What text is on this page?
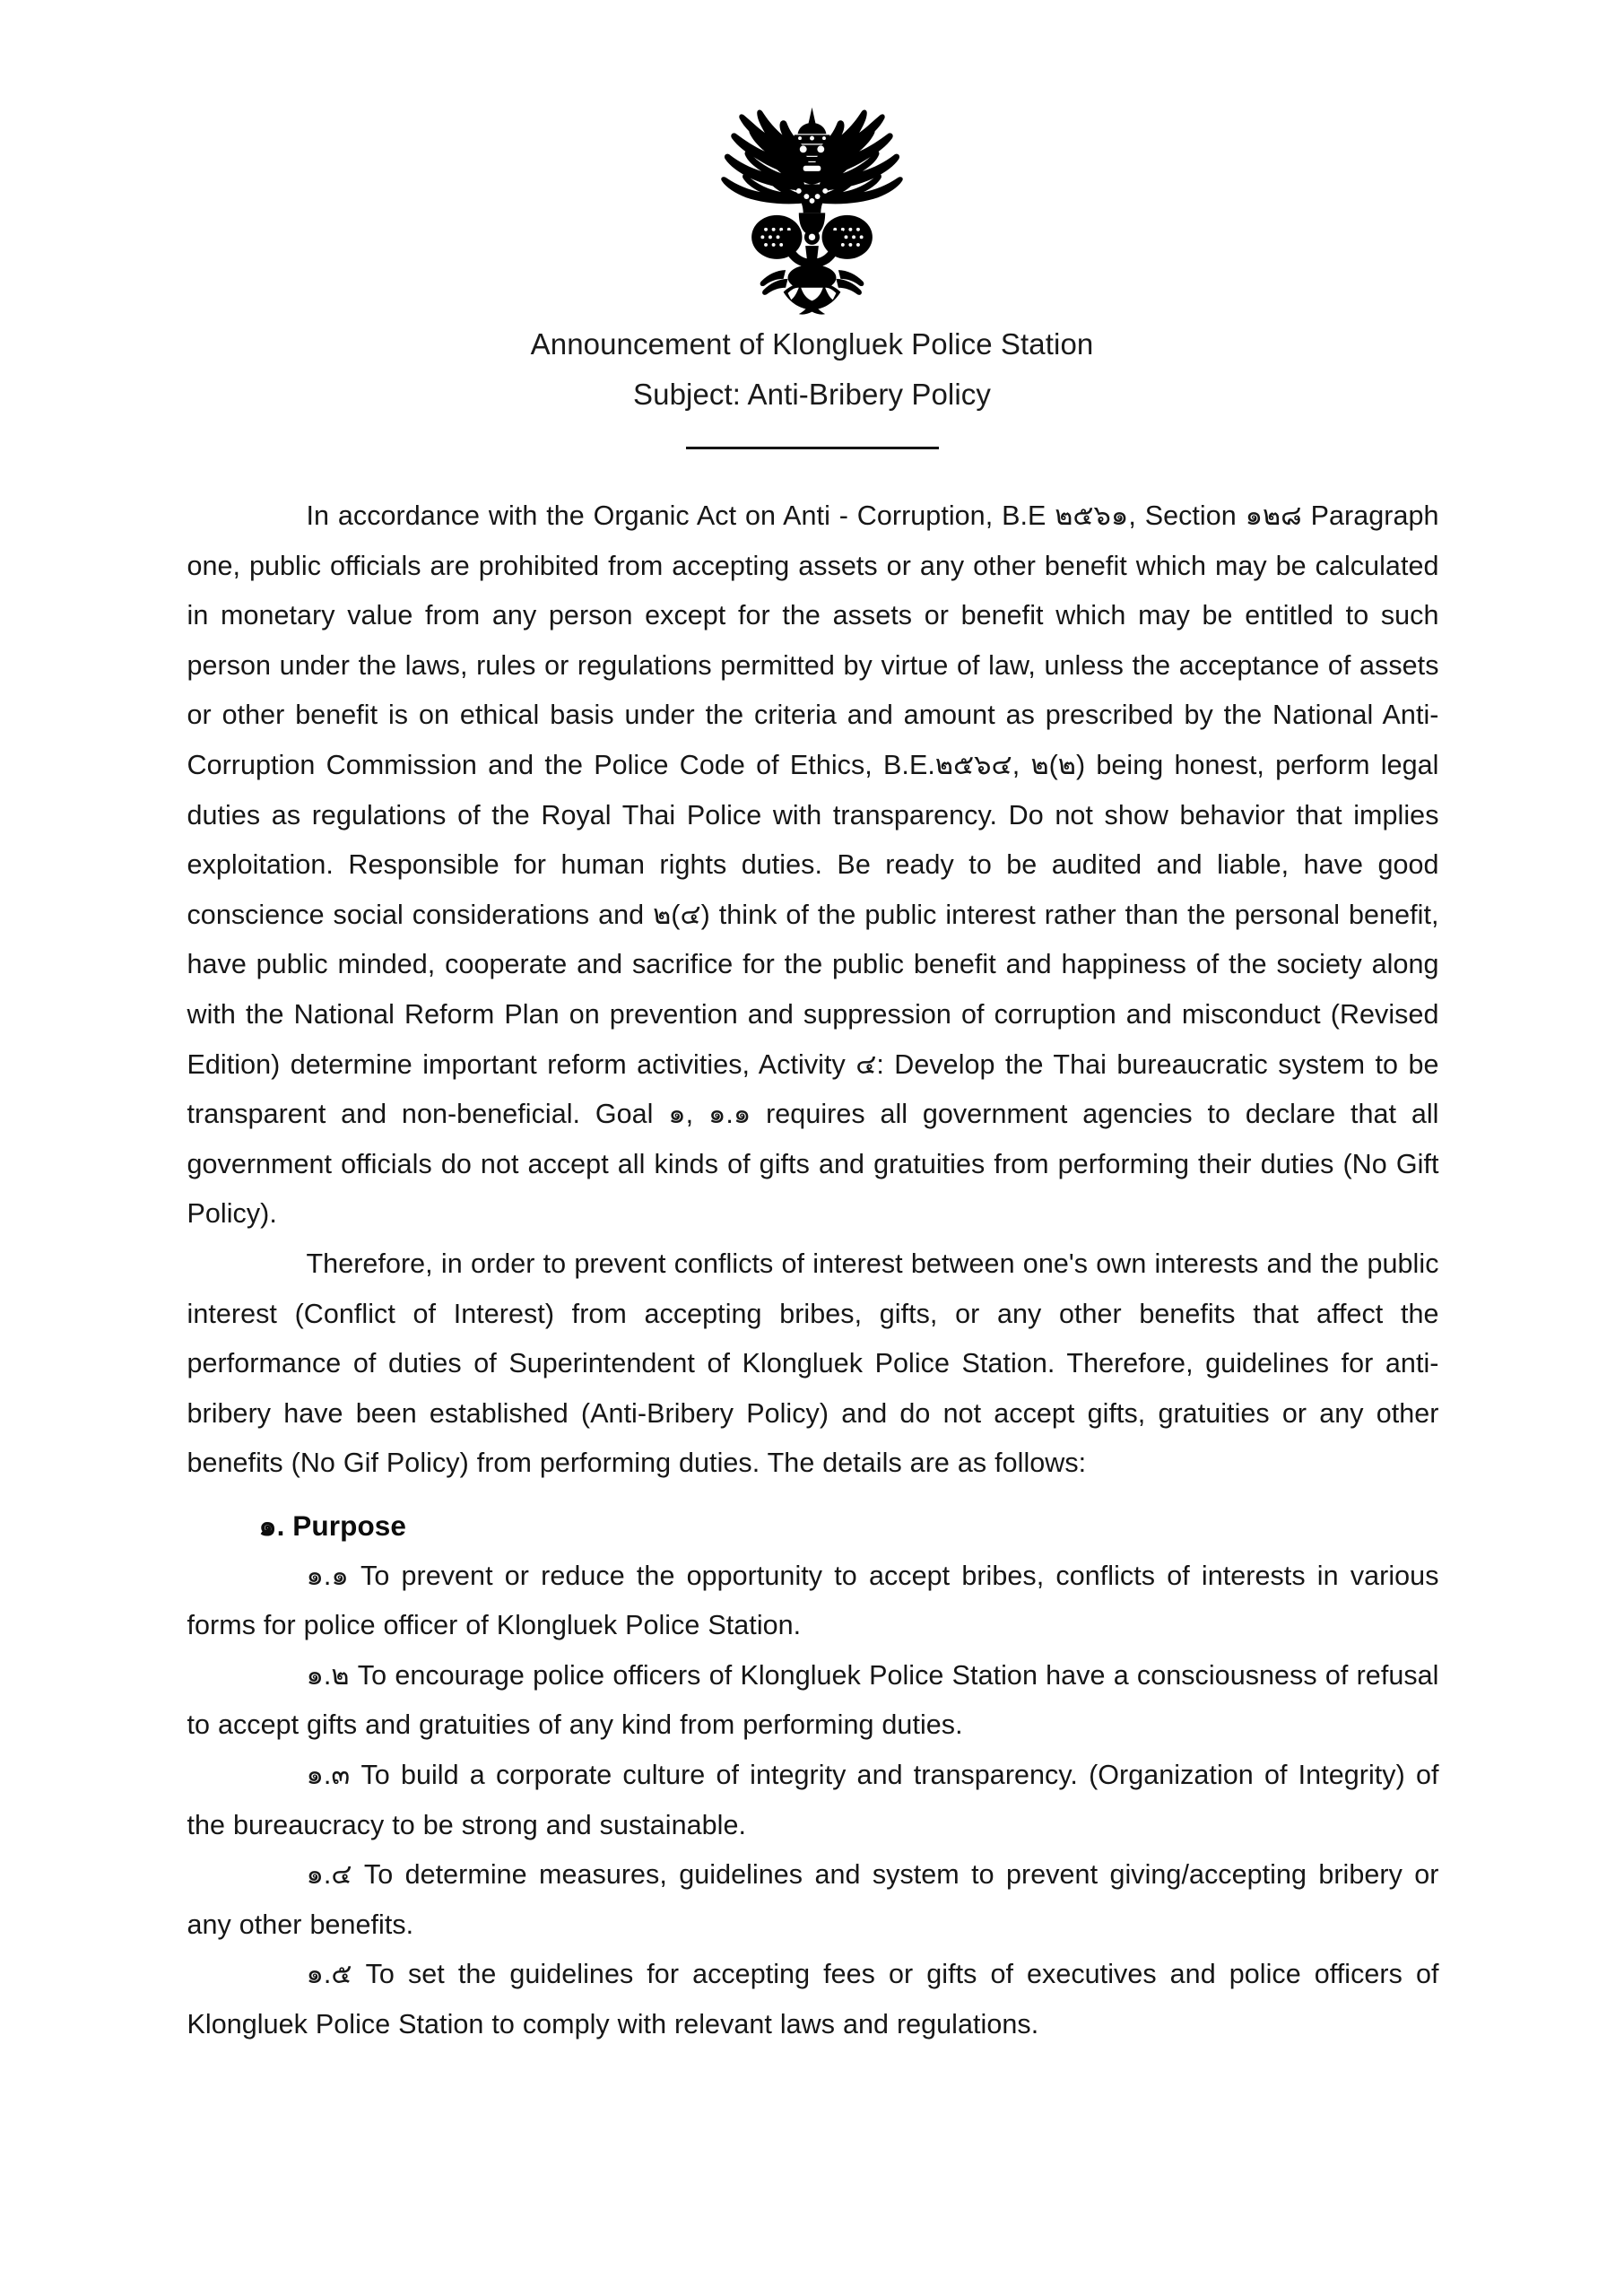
Announcement of Klongluek Police Station
Subject: Anti-Bribery Policy

In accordance with the Organic Act on Anti - Corruption, B.E ๒๕๖๑, Section ๑๒๘ Paragraph one, public officials are prohibited from accepting assets or any other benefit which may be calculated in monetary value from any person except for the assets or benefit which may be entitled to such person under the laws, rules or regulations permitted by virtue of law, unless the acceptance of assets or other benefit is on ethical basis under the criteria and amount as prescribed by the National Anti-Corruption Commission and the Police Code of Ethics, B.E.๒๕๖๔, ๒(๒) being honest, perform legal duties as regulations of the Royal Thai Police with transparency. Do not show behavior that implies exploitation. Responsible for human rights duties. Be ready to be audited and liable, have good conscience social considerations and ๒(๔) think of the public interest rather than the personal benefit, have public minded, cooperate and sacrifice for the public benefit and happiness of the society along with the National Reform Plan on prevention and suppression of corruption and misconduct (Revised Edition) determine important reform activities, Activity ๔: Develop the Thai bureaucratic system to be transparent and non-beneficial. Goal ๑, ๑.๑ requires all government agencies to declare that all government officials do not accept all kinds of gifts and gratuities from performing their duties (No Gift Policy).

Therefore, in order to prevent conflicts of interest between one's own interests and the public interest (Conflict of Interest) from accepting bribes, gifts, or any other benefits that affect the performance of duties of Superintendent of Klongluek Police Station. Therefore, guidelines for anti-bribery have been established (Anti-Bribery Policy) and do not accept gifts, gratuities or any other benefits (No Gif Policy) from performing duties. The details are as follows:

๑. Purpose

๑.๑ To prevent or reduce the opportunity to accept bribes, conflicts of interests in various forms for police officer of Klongluek Police Station.

๑.๒ To encourage police officers of Klongluek Police Station have a consciousness of refusal to accept gifts and gratuities of any kind from performing duties.

๑.๓ To build a corporate culture of integrity and transparency. (Organization of Integrity) of the bureaucracy to be strong and sustainable.

๑.๔ To determine measures, guidelines and system to prevent giving/accepting bribery or any other benefits.

๑.๕ To set the guidelines for accepting fees or gifts of executives and police officers of Klongluek Police Station to comply with relevant laws and regulations.
